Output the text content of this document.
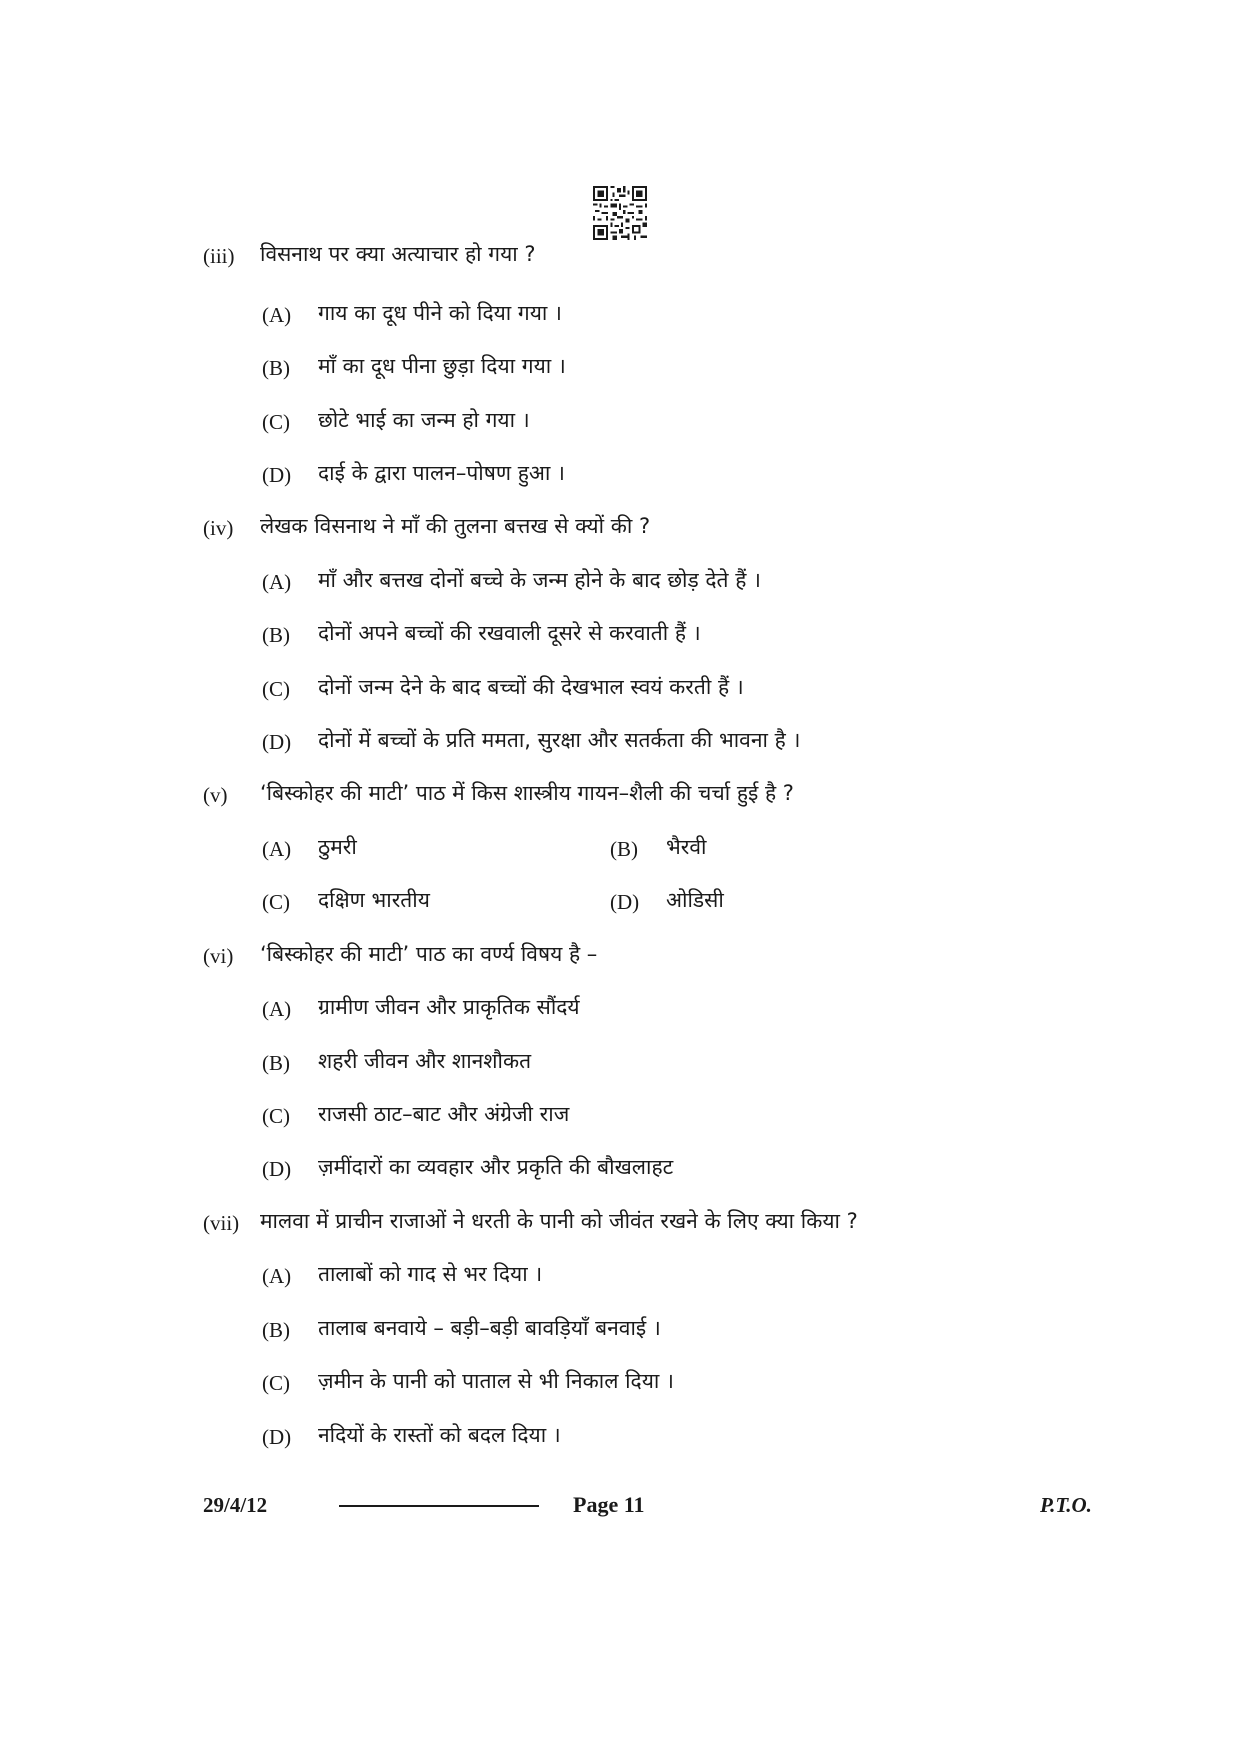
(iii) विसनाथ पर क्या अत्याचार हो गया ?
(A) गाय का दूध पीने को दिया गया ।
(B) माँ का दूध पीना छुड़ा दिया गया ।
(C) छोटे भाई का जन्म हो गया ।
(D) दाई के द्वारा पालन–पोषण हुआ ।
(iv) लेखक विसनाथ ने माँ की तुलना बत्तख से क्यों की ?
(A) माँ और बत्तख दोनों बच्चे के जन्म होने के बाद छोड़ देते हैं ।
(B) दोनों अपने बच्चों की रखवाली दूसरे से करवाती हैं ।
(C) दोनों जन्म देने के बाद बच्चों की देखभाल स्वयं करती हैं ।
(D) दोनों में बच्चों के प्रति ममता, सुरक्षा और सतर्कता की भावना है ।
(v) ‘बिस्कोहर की माटी’ पाठ में किस शास्त्रीय गायन–शैली की चर्चा हुई है ?
(A) ठुमरी	(B) भैरवी
(C) दक्षिण भारतीय	(D) ओडिसी
(vi) ‘बिस्कोहर की माटी’ पाठ का वर्ण्य विषय है –
(A) ग्रामीण जीवन और प्राकृतिक सौंदर्य
(B) शहरी जीवन और शानशौकत
(C) राजसी ठाट–बाट और अंग्रेजी राज
(D) ज़मींदारों का व्यवहार और प्रकृति की बौखलाहट
(vii) मालवा में प्राचीन राजाओं ने धरती के पानी को जीवंत रखने के लिए क्या किया ?
(A) तालाबों को गाद से भर दिया ।
(B) तालाब बनवाये – बड़ी–बड़ी बावड़ियाँ बनवाई ।
(C) ज़मीन के पानी को पाताल से भी निकाल दिया ।
(D) नदियों के रास्तों को बदल दिया ।
29/4/12	Page 11	P.T.O.
